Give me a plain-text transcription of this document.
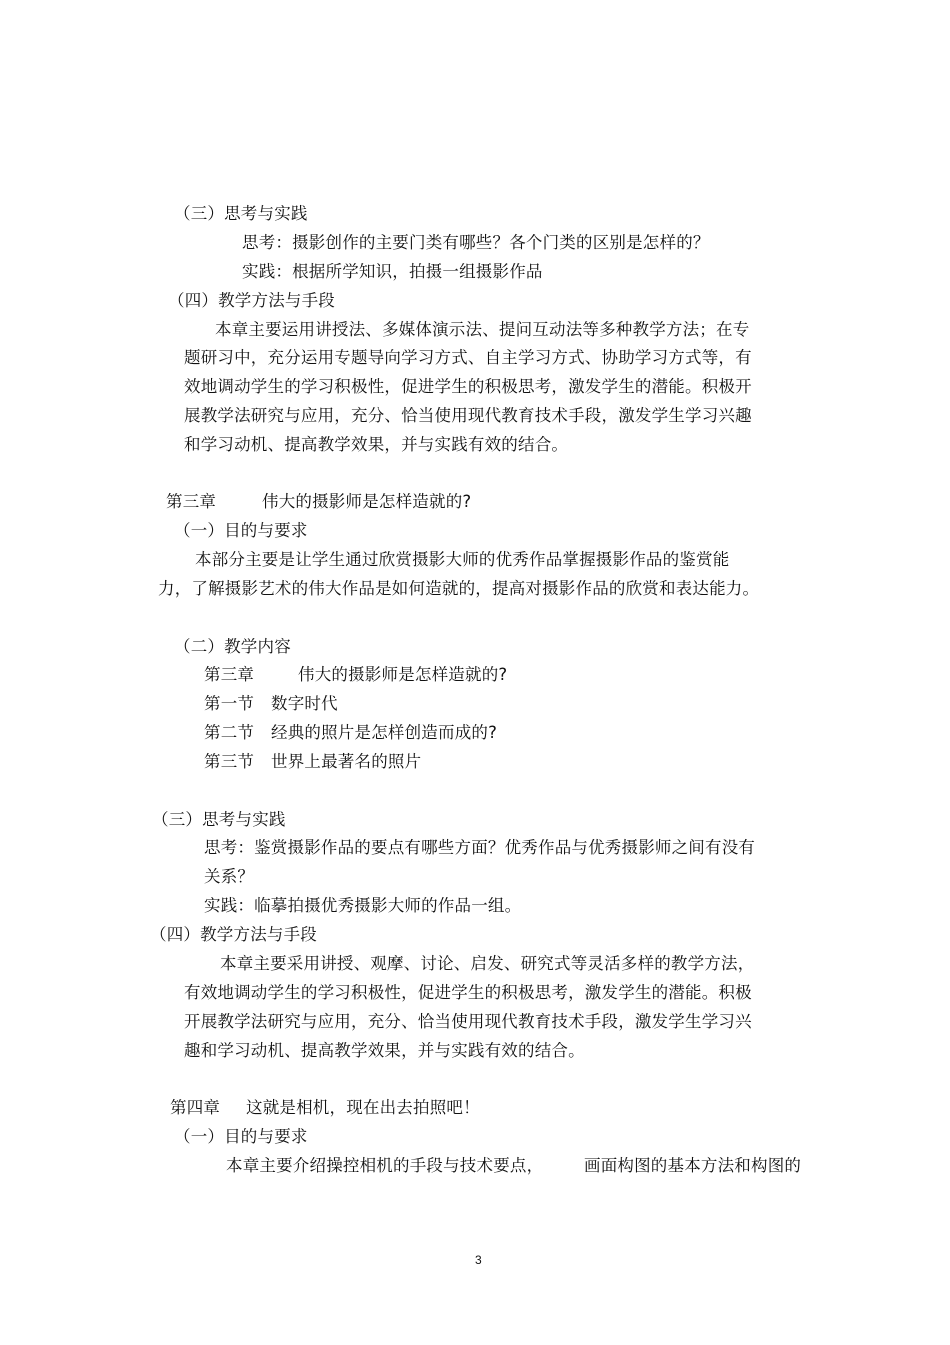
（三）思考与实践
思考：摄影创作的主要门类有哪些？各个门类的区别是怎样的？
实践：根据所学知识，拍摄一组摄影作品
（四）教学方法与手段
本章主要运用讲授法、多媒体演示法、提问互动法等多种教学方法；在专
题研习中，充分运用专题导向学习方式、自主学习方式、协助学习方式等，有
效地调动学生的学习积极性，促进学生的积极思考，激发学生的潜能。积极开
展教学法研究与应用，充分、恰当使用现代教育技术手段，激发学生学习兴趣
和学习动机、提高教学效果，并与实践有效的结合。
第三章	伟大的摄影师是怎样造就的?
（一）目的与要求
本部分主要是让学生通过欣赏摄影大师的优秀作品掌握摄影作品的鉴赏能
力，了解摄影艺术的伟大作品是如何造就的，提高对摄影作品的欣赏和表达能力。
（二）教学内容
第三章	伟大的摄影师是怎样造就的?
第一节 数字时代
第二节 经典的照片是怎样创造而成的?
第三节 世界上最著名的照片
（三）思考与实践
思考：鉴赏摄影作品的要点有哪些方面？优秀作品与优秀摄影师之间有没有
关系？
实践：临摹拍摄优秀摄影大师的作品一组。
（四）教学方法与手段
本章主要采用讲授、观摩、讨论、启发、研究式等灵活多样的教学方法，
有效地调动学生的学习积极性，促进学生的积极思考，激发学生的潜能。积极
开展教学法研究与应用，充分、恰当使用现代教育技术手段，激发学生学习兴
趣和学习动机、提高教学效果，并与实践有效的结合。
第四章 这就是相机，现在出去拍照吧！
（一）目的与要求
本章主要介绍操控相机的手段与技术要点， 画面构图的基本方法和构图的
3
